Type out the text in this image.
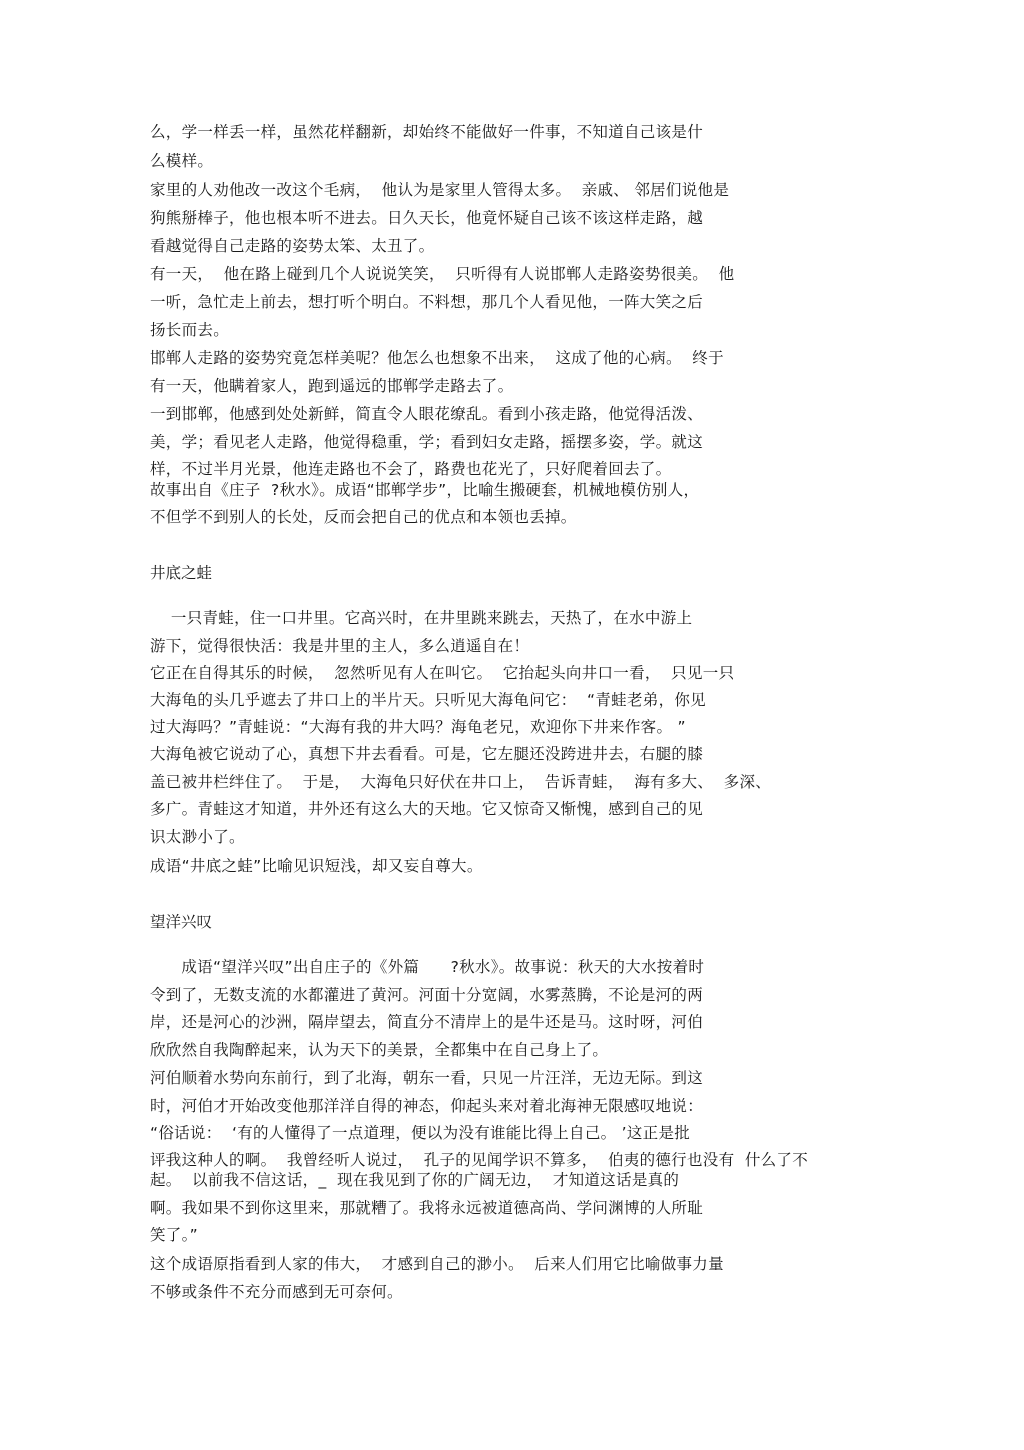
么，学一样丢一样，虽然花样翻新，却始终不能做好一件事，不知道自己该是什
么模样。
家里的人劝他改一改这个毛病，  他认为是家里人管得太多。  亲戚、 邻居们说他是
狗熊掰棒子，他也根本听不进去。日久天长，他竟怀疑自己该不该这样走路，越
看越觉得自己走路的姿势太笨、太丑了。
有一天，  他在路上碰到几个人说说笑笑，  只听得有人说邯郸人走路姿势很美。  他
一听，急忙走上前去，想打听个明白。不料想，那几个人看见他，一阵大笑之后
扬长而去。
邯郸人走路的姿势究竟怎样美呢？他怎么也想象不出来，  这成了他的心病。  终于
有一天，他瞒着家人，跑到遥远的邯郸学走路去了。
一到邯郸，他感到处处新鲜，简直令人眼花缭乱。看到小孩走路，他觉得活泼、
美，学；看见老人走路，他觉得稳重，学；看到妇女走路，摇摆多姿，学。就这
样，不过半月光景，他连走路也不会了，路费也花光了，只好爬着回去了。
故事出自《庄子  ?秋水》。成语“邯郸学步”，比喻生搬硬套，机械地模仿别人，
不但学不到别人的长处，反而会把自己的优点和本领也丢掉。
井底之蛙
一只青蛙，住一口井里。它高兴时，在井里跳来跳去，天热了，在水中游上
游下，觉得很快活：我是井里的主人，多么逍遥自在！
它正在自得其乐的时候，  忽然听见有人在叫它。  它抬起头向井口一看，  只见一只
大海龟的头几乎遮去了井口上的半片天。只听见大海龟问它：  “青蛙老弟，你见
过大海吗？”青蛙说：“大海有我的井大吗？海龟老兄，欢迎你下井来作客。 ”
大海龟被它说动了心，真想下井去看看。可是，它左腿还没跨进井去，右腿的膝
盖已被井栏绊住了。  于是，  大海龟只好伏在井口上，  告诉青蛙，  海有多大、  多深、
多广。青蛙这才知道，井外还有这么大的天地。它又惊奇又惭愧，感到自己的见
识太渺小了。
成语“井底之蛙”比喻见识短浅，却又妄自尊大。
望洋兴叹
成语“望洋兴叹”出自庄子的《外篇      ?秋水》。故事说：秋天的大水按着时
令到了，无数支流的水都灌进了黄河。河面十分宽阔，水雾蒸腾，不论是河的两
岸，还是河心的沙洲，隔岸望去，简直分不清岸上的是牛还是马。这时呀，河伯
欣欣然自我陶醉起来，认为天下的美景，全都集中在自己身上了。
河伯顺着水势向东前行，到了北海，朝东一看，只见一片汪洋，无边无际。到这
时，河伯才开始改变他那洋洋自得的神态，仰起头来对着北海神无限感叹地说：
“俗话说：  ‘有的人懂得了一点道理，便以为没有谁能比得上自己。 ’这正是批
评我这种人的啊。  我曾经听人说过，  孔子的见闻学识不算多，  伯夷的德行也没有  什么了不
起。  以前我不信这话，_  现在我见到了你的广阔无边，  才知道这话是真的
啊。我如果不到你这里来，那就糟了。我将永远被道德高尚、学问渊博的人所耻
笑了。”
这个成语原指看到人家的伟大，  才感到自己的渺小。  后来人们用它比喻做事力量
不够或条件不充分而感到无可奈何。
